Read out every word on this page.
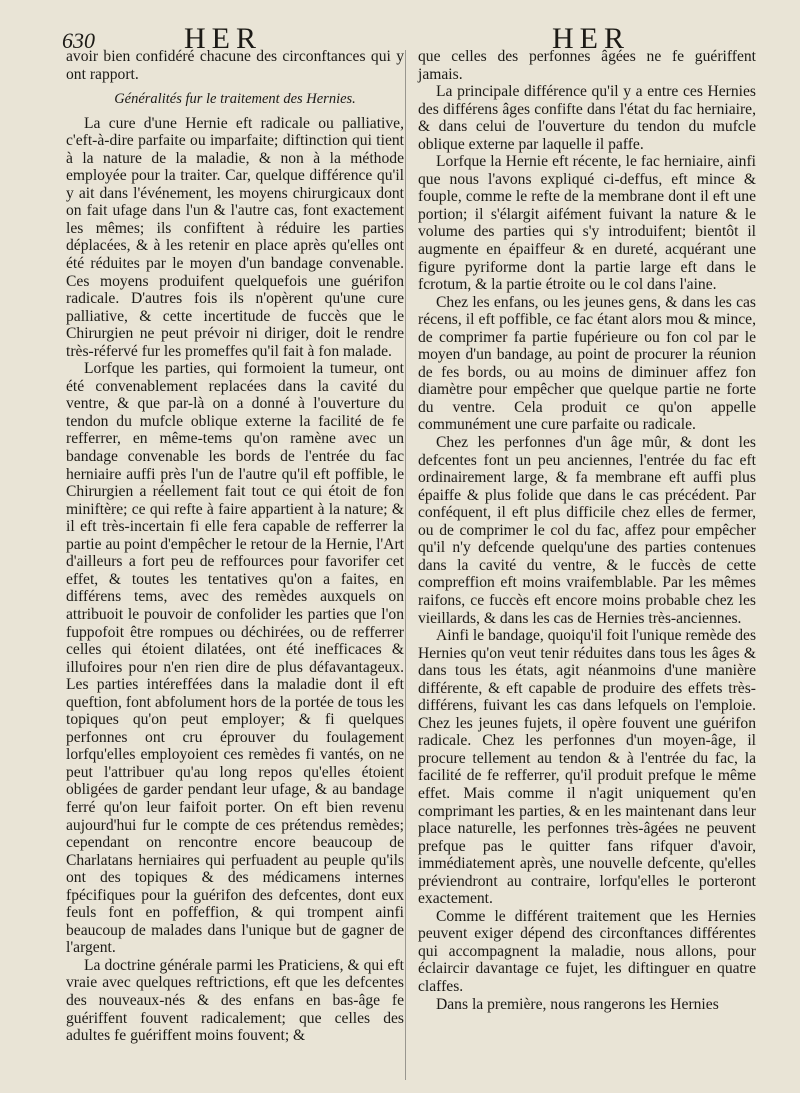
630	HER	HER

avoir bien confidéré chacune des circonftances qui y ont rapport.

Généralités fur le traitement des Hernies.

La cure d'une Hernie eft radicale ou palliative, c'eft-à-dire parfaite ou imparfaite; diftinction qui tient à la nature de la maladie, & non à la méthode employée pour la traiter. Car, quelque différence qu'il y ait dans l'événement, les moyens chirurgicaux dont on fait ufage dans l'un & l'autre cas, font exactement les mêmes; ils confiftent à réduire les parties déplacées, & à les retenir en place après qu'elles ont été réduites par le moyen d'un bandage convenable. Ces moyens produifent quelquefois une guérifon radicale. D'autres fois ils n'opèrent qu'une cure palliative, & cette incertitude de fuccès que le Chirurgien ne peut prévoir ni diriger, doit le rendre très-réfervé fur les promeffes qu'il fait à fon malade.

Lorfque les parties, qui formoient la tumeur, ont été convenablement replacées dans la cavité du ventre, & que par-là on a donné à l'ouverture du tendon du mufcle oblique externe la facilité de fe refferrer, en même-tems qu'on ramène avec un bandage convenable les bords de l'entrée du fac herniaire auffi près l'un de l'autre qu'il eft poffible, le Chirurgien a réellement fait tout ce qui étoit de fon miniftère; ce qui refte à faire appartient à la nature; & il eft très-incertain fi elle fera capable de refferrer la partie au point d'empêcher le retour de la Hernie, l'Art d'ailleurs a fort peu de reffources pour favorifer cet effet, & toutes les tentatives qu'on a faites, en différens tems, avec des remèdes auxquels on attribuoit le pouvoir de confolider les parties que l'on fuppofoit être rompues ou déchirées, ou de refferrer celles qui étoient dilatées, ont été inefficaces & illufoires pour n'en rien dire de plus défavantageux. Les parties intéreffées dans la maladie dont il eft queftion, font abfolument hors de la portée de tous les topiques qu'on peut employer; & fi quelques perfonnes ont cru éprouver du foulagement lorfqu'elles employoient ces remèdes fi vantés, on ne peut l'attribuer qu'au long repos qu'elles étoient obligées de garder pendant leur ufage, & au bandage ferré qu'on leur faifoit porter. On eft bien revenu aujourd'hui fur le compte de ces prétendus remèdes; cependant on rencontre encore beaucoup de Charlatans herniaires qui perfuadent au peuple qu'ils ont des topiques & des médicamens internes fpécifiques pour la guérifon des defcentes, dont eux feuls font en poffeffion, & qui trompent ainfi beaucoup de malades dans l'unique but de gagner de l'argent.

La doctrine générale parmi les Praticiens, & qui eft vraie avec quelques reftrictions, eft que les defcentes des nouveaux-nés & des enfans en bas-âge fe guériffent fouvent radicalement; que celles des adultes fe guériffent moins fouvent; &

que celles des perfonnes âgées ne fe guériffent jamais.

La principale différence qu'il y a entre ces Hernies des différens âges confifte dans l'état du fac herniaire, & dans celui de l'ouverture du tendon du mufcle oblique externe par laquelle il paffe.

Lorfque la Hernie eft récente, le fac herniaire, ainfi que nous l'avons expliqué ci-deffus, eft mince & fouple, comme le refte de la membrane dont il eft une portion; il s'élargit aifément fuivant la nature & le volume des parties qui s'y introduifent; bientôt il augmente en épaiffeur & en dureté, acquérant une figure pyriforme dont la partie large eft dans le fcrotum, & la partie étroite ou le col dans l'aine.

Chez les enfans, ou les jeunes gens, & dans les cas récens, il eft poffible, ce fac étant alors mou & mince, de comprimer fa partie fupérieure ou fon col par le moyen d'un bandage, au point de procurer la réunion de fes bords, ou au moins de diminuer affez fon diamètre pour empêcher que quelque partie ne forte du ventre. Cela produit ce qu'on appelle communément une cure parfaite ou radicale.

Chez les perfonnes d'un âge mûr, & dont les defcentes font un peu anciennes, l'entrée du fac eft ordinairement large, & fa membrane eft auffi plus épaiffe & plus folide que dans le cas précédent. Par conféquent, il eft plus difficile chez elles de fermer, ou de comprimer le col du fac, affez pour empêcher qu'il n'y defcende quelqu'une des parties contenues dans la cavité du ventre, & le fuccès de cette compreffion eft moins vraifemblable. Par les mêmes raifons, ce fuccès eft encore moins probable chez les vieillards, & dans les cas de Hernies très-anciennes.

Ainfi le bandage, quoiqu'il foit l'unique remède des Hernies qu'on veut tenir réduites dans tous les âges & dans tous les états, agit néanmoins d'une manière différente, & eft capable de produire des effets très-différens, fuivant les cas dans lefquels on l'emploie. Chez les jeunes fujets, il opère fouvent une guérifon radicale. Chez les perfonnes d'un moyen-âge, il procure tellement au tendon & à l'entrée du fac, la facilité de fe refferrer, qu'il produit prefque le même effet. Mais comme il n'agit uniquement qu'en comprimant les parties, & en les maintenant dans leur place naturelle, les perfonnes très-âgées ne peuvent prefque pas le quitter fans rifquer d'avoir, immédiatement après, une nouvelle defcente, qu'elles préviendront au contraire, lorfqu'elles le porteront exactement.

Comme le différent traitement que les Hernies peuvent exiger dépend des circonftances différentes qui accompagnent la maladie, nous allons, pour éclaircir davantage ce fujet, les diftinguer en quatre claffes.

Dans la première, nous rangerons les Hernies
